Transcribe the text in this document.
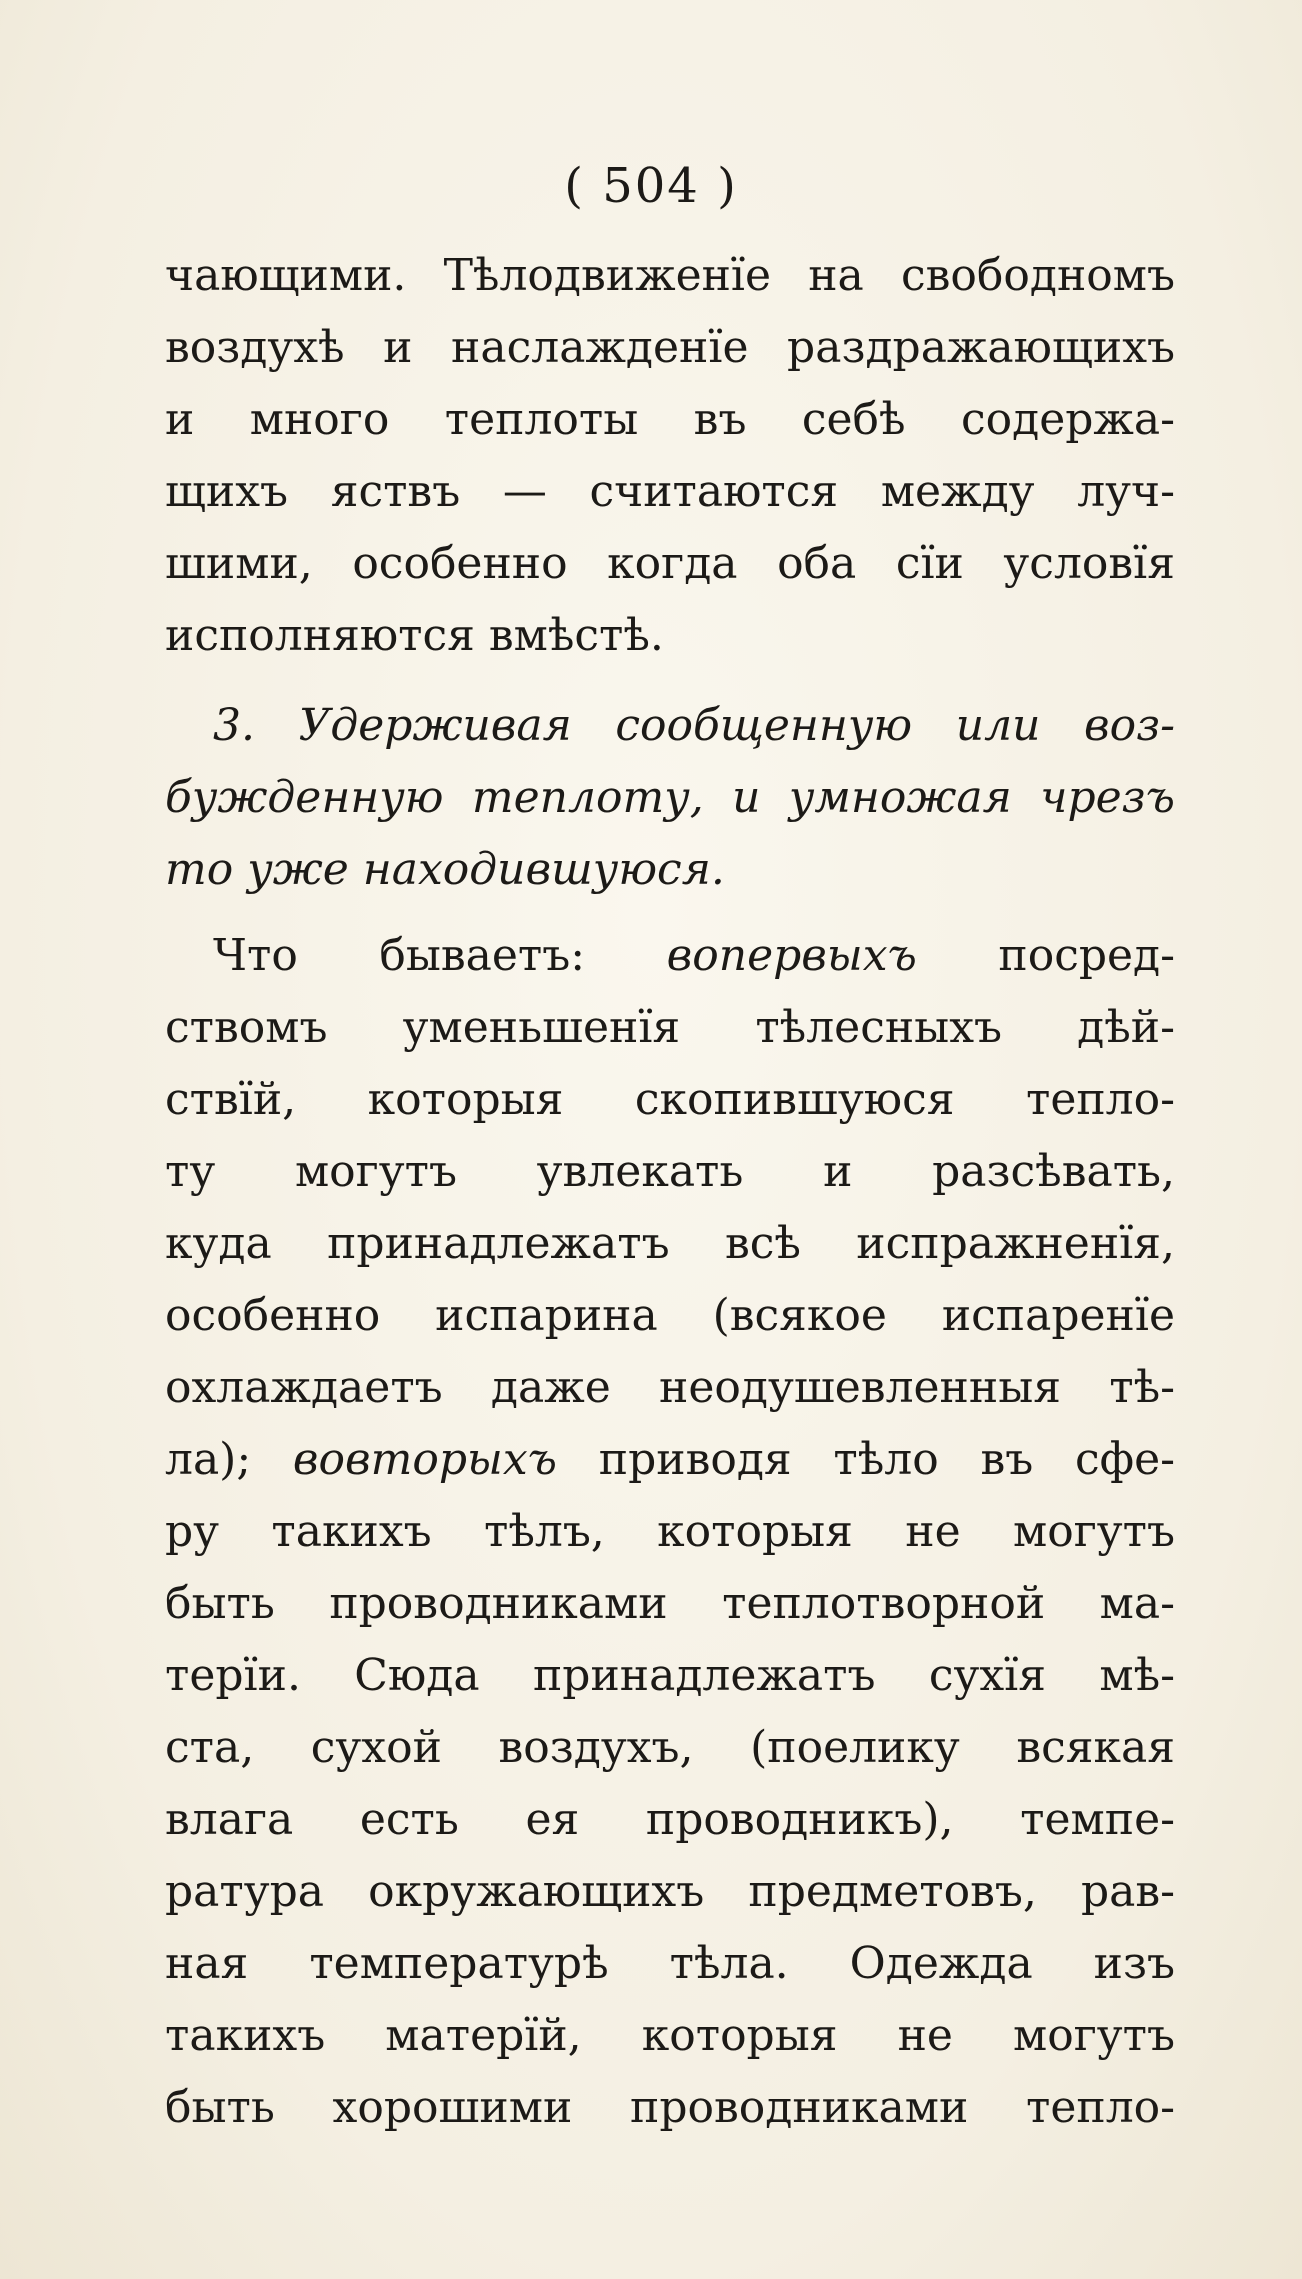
( 504 )
чающими. Тѣлодвиженїе на свободномъ
воздухѣ и наслажденїе раздражающихъ
и много теплоты въ себѣ содержа-
щихъ яствъ — считаются между луч-
шими, особенно когда оба сїи условїя
исполняются вмѣстѣ.
3. Удерживая сообщенную или воз-
бужденную теплоту, и умножая чрезъ
то уже находившуюся.
Что бываетъ: вопервыхъ посред-
ствомъ уменьшенїя тѣлесныхъ дѣй-
ствїй, которыя скопившуюся тепло-
ту могутъ увлекать и разсѣвать,
куда принадлежатъ всѣ испражненїя,
особенно испарина (всякое испаренїе
охлаждаетъ даже неодушевленныя тѣ-
ла); вовторыхъ приводя тѣло въ сфе-
ру такихъ тѣлъ, которыя не могутъ
быть проводниками теплотворной ма-
терїи. Сюда принадлежатъ сухїя мѣ-
ста, сухой воздухъ, (поелику всякая
влага есть ея проводникъ), темпе-
ратура окружающихъ предметовъ, рав-
ная температурѣ тѣла. Одежда изъ
такихъ матерїй, которыя не могутъ
быть хорошими проводниками тепло-
